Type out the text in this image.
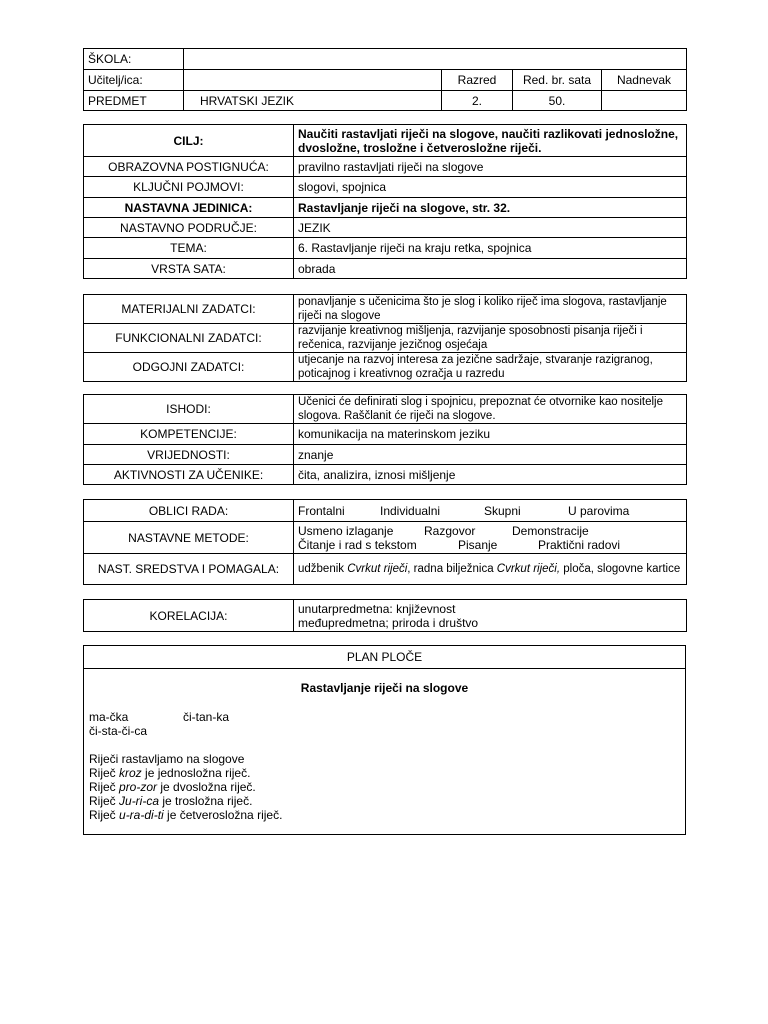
ŠKOLA:				
Učitelj/ica:		Razred	Red. br. sata	Nadnevak
PREDMET	HRVATSKI JEZIK	2.	50.	
CILJ:	Naučiti rastavljati riječi na slogove, naučiti razlikovati jednosložne, dvosložne, trosložne i četverosložne riječi.
OBRAZOVNA POSTIGNUĆA:	pravilno rastavljati riječi na slogove
KLJUČNI POJMOVI:	slogovi, spojnica
NASTAVNA JEDINICA:	Rastavljanje riječi na slogove, str. 32.
NASTAVNO PODRUČJE:	JEZIK
TEMA:	6. Rastavljanje riječi na kraju retka, spojnica
VRSTA SATA:	obrada
MATERIJALNI ZADATCI:	ponavljanje s učenicima što je slog i koliko riječ ima slogova, rastavljanje riječi na slogove
FUNKCIONALNI ZADATCI:	razvijanje kreativnog mišljenja, razvijanje sposobnosti pisanja riječi i rečenica, razvijanje jezičnog osjećaja
ODGOJNI ZADATCI:	utjecanje na razvoj interesa za jezične sadržaje, stvaranje razigranog, poticajnog i kreativnog ozračja u razredu
ISHODI:	Učenici će definirati slog i spojnicu, prepoznat će otvornike kao nositelje slogova. Raščlanit će riječi na slogove.
KOMPETENCIJE:	komunikacija na materinskom jeziku
VRIJEDNOSTI:	znanje
AKTIVNOSTI ZA UČENIKE:	čita, analizira, iznosi mišljenje
OBLICI RADA:	Frontalni Individualni Skupni U parovima
NASTAVNE METODE:	Usmeno izlaganje Razgovor Demonstracije
Čitanje i rad s tekstom Pisanje Praktični radovi

NAST. SREDSTVA I POMAGALA:	udžbenik Cvrkut riječi, radna bilježnica Cvrkut riječi, ploča, slogovne kartice
KORELACIJA:	unutarpredmetna: književnost
međupredmetna; priroda i društvo
PLAN PLOČE
Rastavljanje riječi na slogove
ma-čka	či-tan-ka
či-sta-či-ca
Riječi rastavljamo na slogove
Riječ kroz je jednosložna riječ.
Riječ pro-zor je dvosložna riječ.
Riječ Ju-ri-ca je trosložna riječ.
Riječ u-ra-di-ti je četverosložna riječ.
